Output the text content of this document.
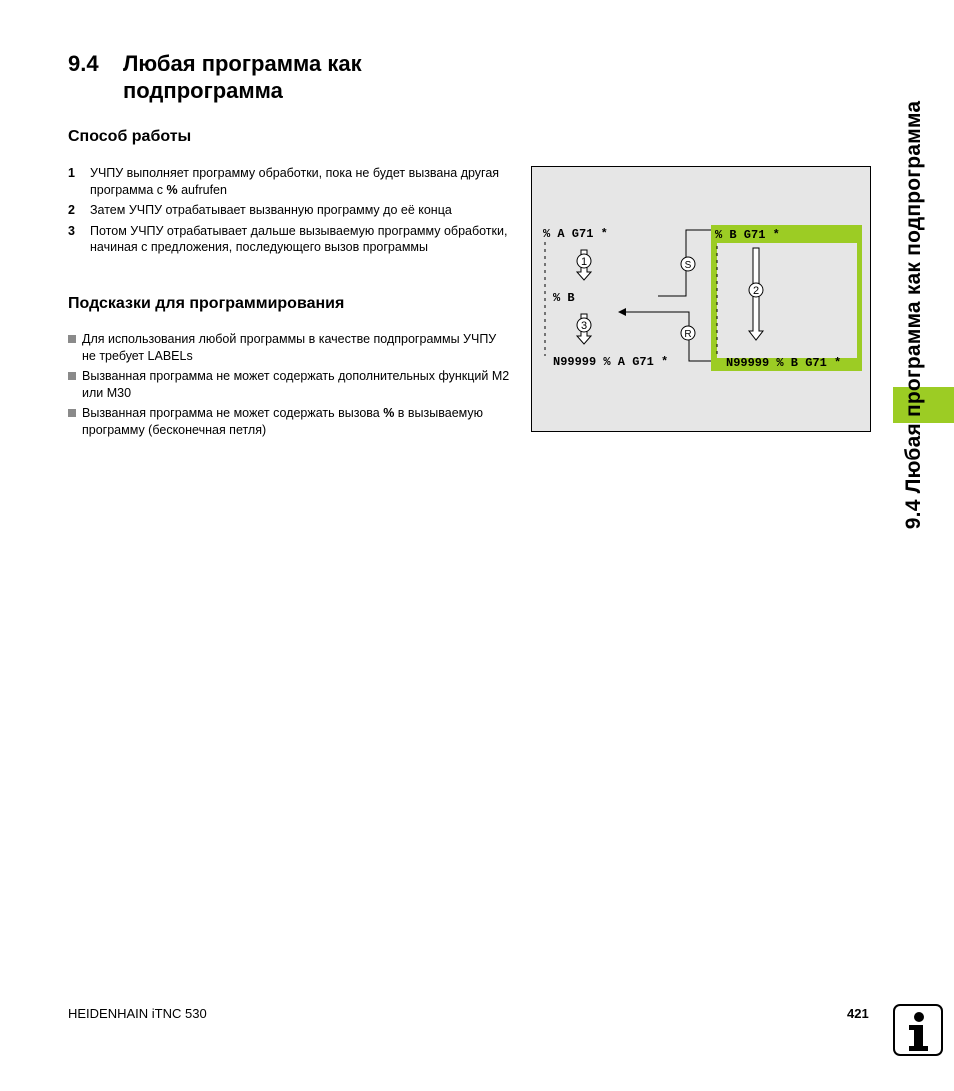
9.4 Любая программа как
подпрограмма
Способ работы
1 УЧПУ выполняет программу обработки, пока не будет вызвана другая программа с % aufrufen
2 Затем УЧПУ отрабатывает вызванную программу до её конца
3 Потом УЧПУ отрабатывает дальше вызываемую программу обработки, начиная с предложения, последующего вызов программы
Подсказки для программирования
Для использования любой программы в качестве подпрограммы УЧПУ не требует LABELs
Вызванная программа не может содержать дополнительных функций M2 или M30
Вызванная программа не может содержать вызова % в вызываемую программу (бесконечная петля)
% A G71 *
% B
N99999 % A G71 *
% B G71 *
N99999 % B G71 *
1
3
2
S
R	9.4 Любая программа как подпрограмма
HEIDENHAIN iTNC 530	421
